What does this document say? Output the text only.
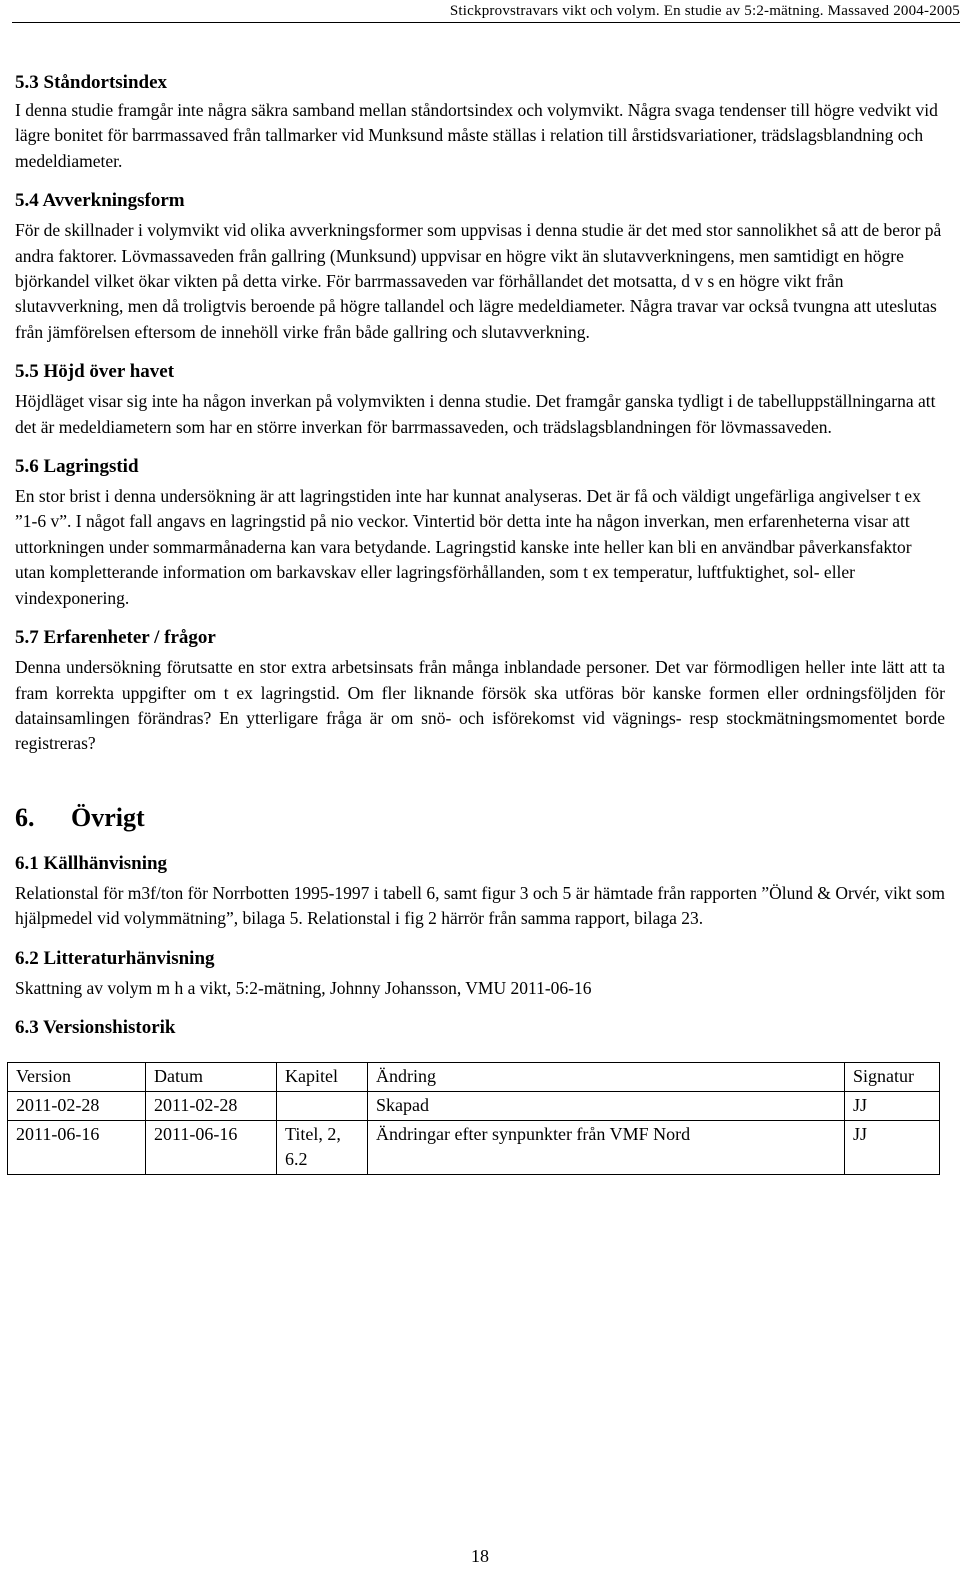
Stickprovstravars vikt och volym. En studie av 5:2-mätning. Massaved 2004-2005
5.3 Ståndortsindex

I denna studie framgår inte några säkra samband mellan ståndortsindex och volymvikt. Några svaga tendenser till högre vedvikt vid lägre bonitet för barrmassaved från tallmarker vid Munksund måste ställas i relation till årstidsvariationer, trädslagsblandning och medeldiameter.

5.4 Avverkningsform

För de skillnader i volymvikt vid olika avverkningsformer som uppvisas i denna studie är det med stor sannolikhet så att de beror på andra faktorer. Lövmassaveden från gallring (Munksund) uppvisar en högre vikt än slutavverkningens, men samtidigt en högre björkandel vilket ökar vikten på detta virke. För barrmassaveden var förhållandet det motsatta, d v s en högre vikt från slutavverkning, men då troligtvis beroende på högre tallandel och lägre medeldiameter. Några travar var också tvungna att uteslutas från jämförelsen eftersom de innehöll virke från både gallring och slutavverkning.

5.5 Höjd över havet

Höjdläget visar sig inte ha någon inverkan på volymvikten i denna studie. Det framgår ganska tydligt i de tabelluppställningarna att det är medeldiametern som har en större inverkan för barrmassaveden, och trädslagsblandningen för lövmassaveden.

5.6 Lagringstid

En stor brist i denna undersökning är att lagringstiden inte har kunnat analyseras. Det är få och väldigt ungefärliga angivelser t ex ”1-6 v”. I något fall angavs en lagringstid på nio veckor. Vintertid bör detta inte ha någon inverkan, men erfarenheterna visar att uttorkningen under sommarmånaderna kan vara betydande. Lagringstid kanske inte heller kan bli en användbar påverkansfaktor utan kompletterande information om barkavskav eller lagringsförhållanden, som t ex temperatur, luftfuktighet, sol- eller vindexponering.

5.7 Erfarenheter / frågor

Denna undersökning förutsatte en stor extra arbetsinsats från många inblandade personer. Det var förmodligen heller inte lätt att ta fram korrekta uppgifter om t ex lagringstid. Om fler liknande försök ska utföras bör kanske formen eller ordningsföljden för datainsamlingen förändras? En ytterligare fråga är om snö- och isförekomst vid vägnings- resp stockmätningsmomentet borde registreras?

6. Övrigt
6.1 Källhänvisning

Relationstal för m3f/ton för Norrbotten 1995-1997 i tabell 6, samt figur 3 och 5 är hämtade från rapporten ”Ölund & Orvér, vikt som hjälpmedel vid volymmätning”, bilaga 5. Relationstal i fig 2 härrör från samma rapport, bilaga 23.

6.2 Litteraturhänvisning

Skattning av volym m h a vikt, 5:2-mätning, Johnny Johansson, VMU 2011-06-16

6.3 Versionshistorik
Version	Datum	Kapitel	Ändring	Signatur
2011-02-28	2011-02-28		Skapad	JJ
2011-06-16	2011-06-16	Titel, 2, 6.2	Ändringar efter synpunkter från VMF Nord	JJ
18
